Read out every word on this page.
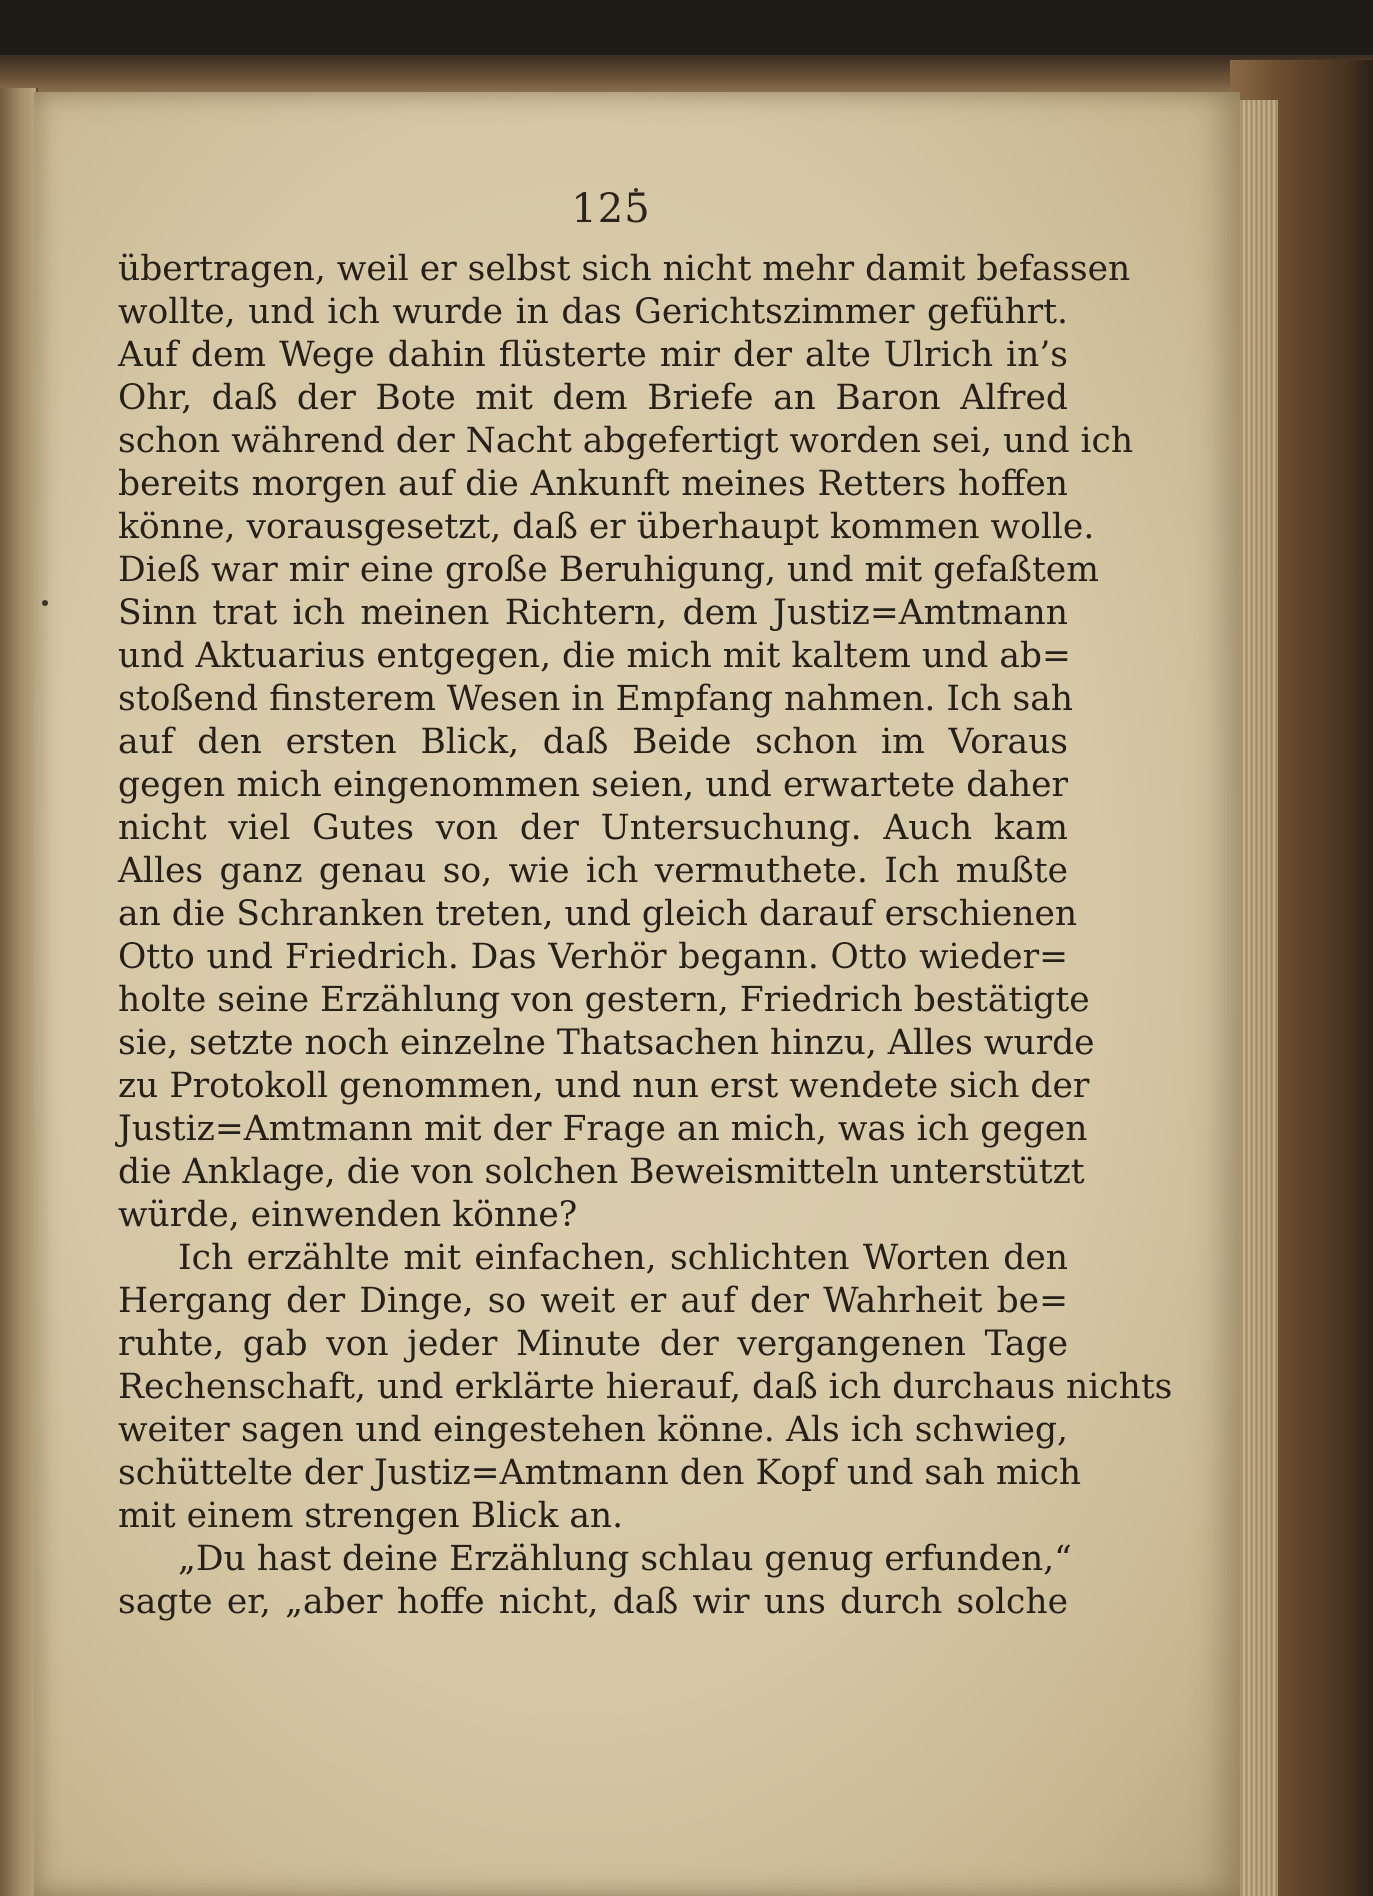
125
übertragen, weil er selbst sich nicht mehr damit befassen
wollte, und ich wurde in das Gerichtszimmer geführt.
Auf dem Wege dahin flüsterte mir der alte Ulrich in’s
Ohr, daß der Bote mit dem Briefe an Baron Alfred
schon während der Nacht abgefertigt worden sei, und ich
bereits morgen auf die Ankunft meines Retters hoffen
könne, vorausgesetzt, daß er überhaupt kommen wolle.
Dieß war mir eine große Beruhigung, und mit gefaßtem
Sinn trat ich meinen Richtern, dem Justiz=Amtmann
und Aktuarius entgegen, die mich mit kaltem und ab=
stoßend finsterem Wesen in Empfang nahmen. Ich sah
auf den ersten Blick, daß Beide schon im Voraus
gegen mich eingenommen seien, und erwartete daher
nicht viel Gutes von der Untersuchung. Auch kam
Alles ganz genau so, wie ich vermuthete. Ich mußte
an die Schranken treten, und gleich darauf erschienen
Otto und Friedrich. Das Verhör begann. Otto wieder=
holte seine Erzählung von gestern, Friedrich bestätigte
sie, setzte noch einzelne Thatsachen hinzu, Alles wurde
zu Protokoll genommen, und nun erst wendete sich der
Justiz=Amtmann mit der Frage an mich, was ich gegen
die Anklage, die von solchen Beweismitteln unterstützt
würde, einwenden könne?
Ich erzählte mit einfachen, schlichten Worten den
Hergang der Dinge, so weit er auf der Wahrheit be=
ruhte, gab von jeder Minute der vergangenen Tage
Rechenschaft, und erklärte hierauf, daß ich durchaus nichts
weiter sagen und eingestehen könne. Als ich schwieg,
schüttelte der Justiz=Amtmann den Kopf und sah mich
mit einem strengen Blick an.
„Du hast deine Erzählung schlau genug erfunden,“
sagte er, „aber hoffe nicht, daß wir uns durch solche
